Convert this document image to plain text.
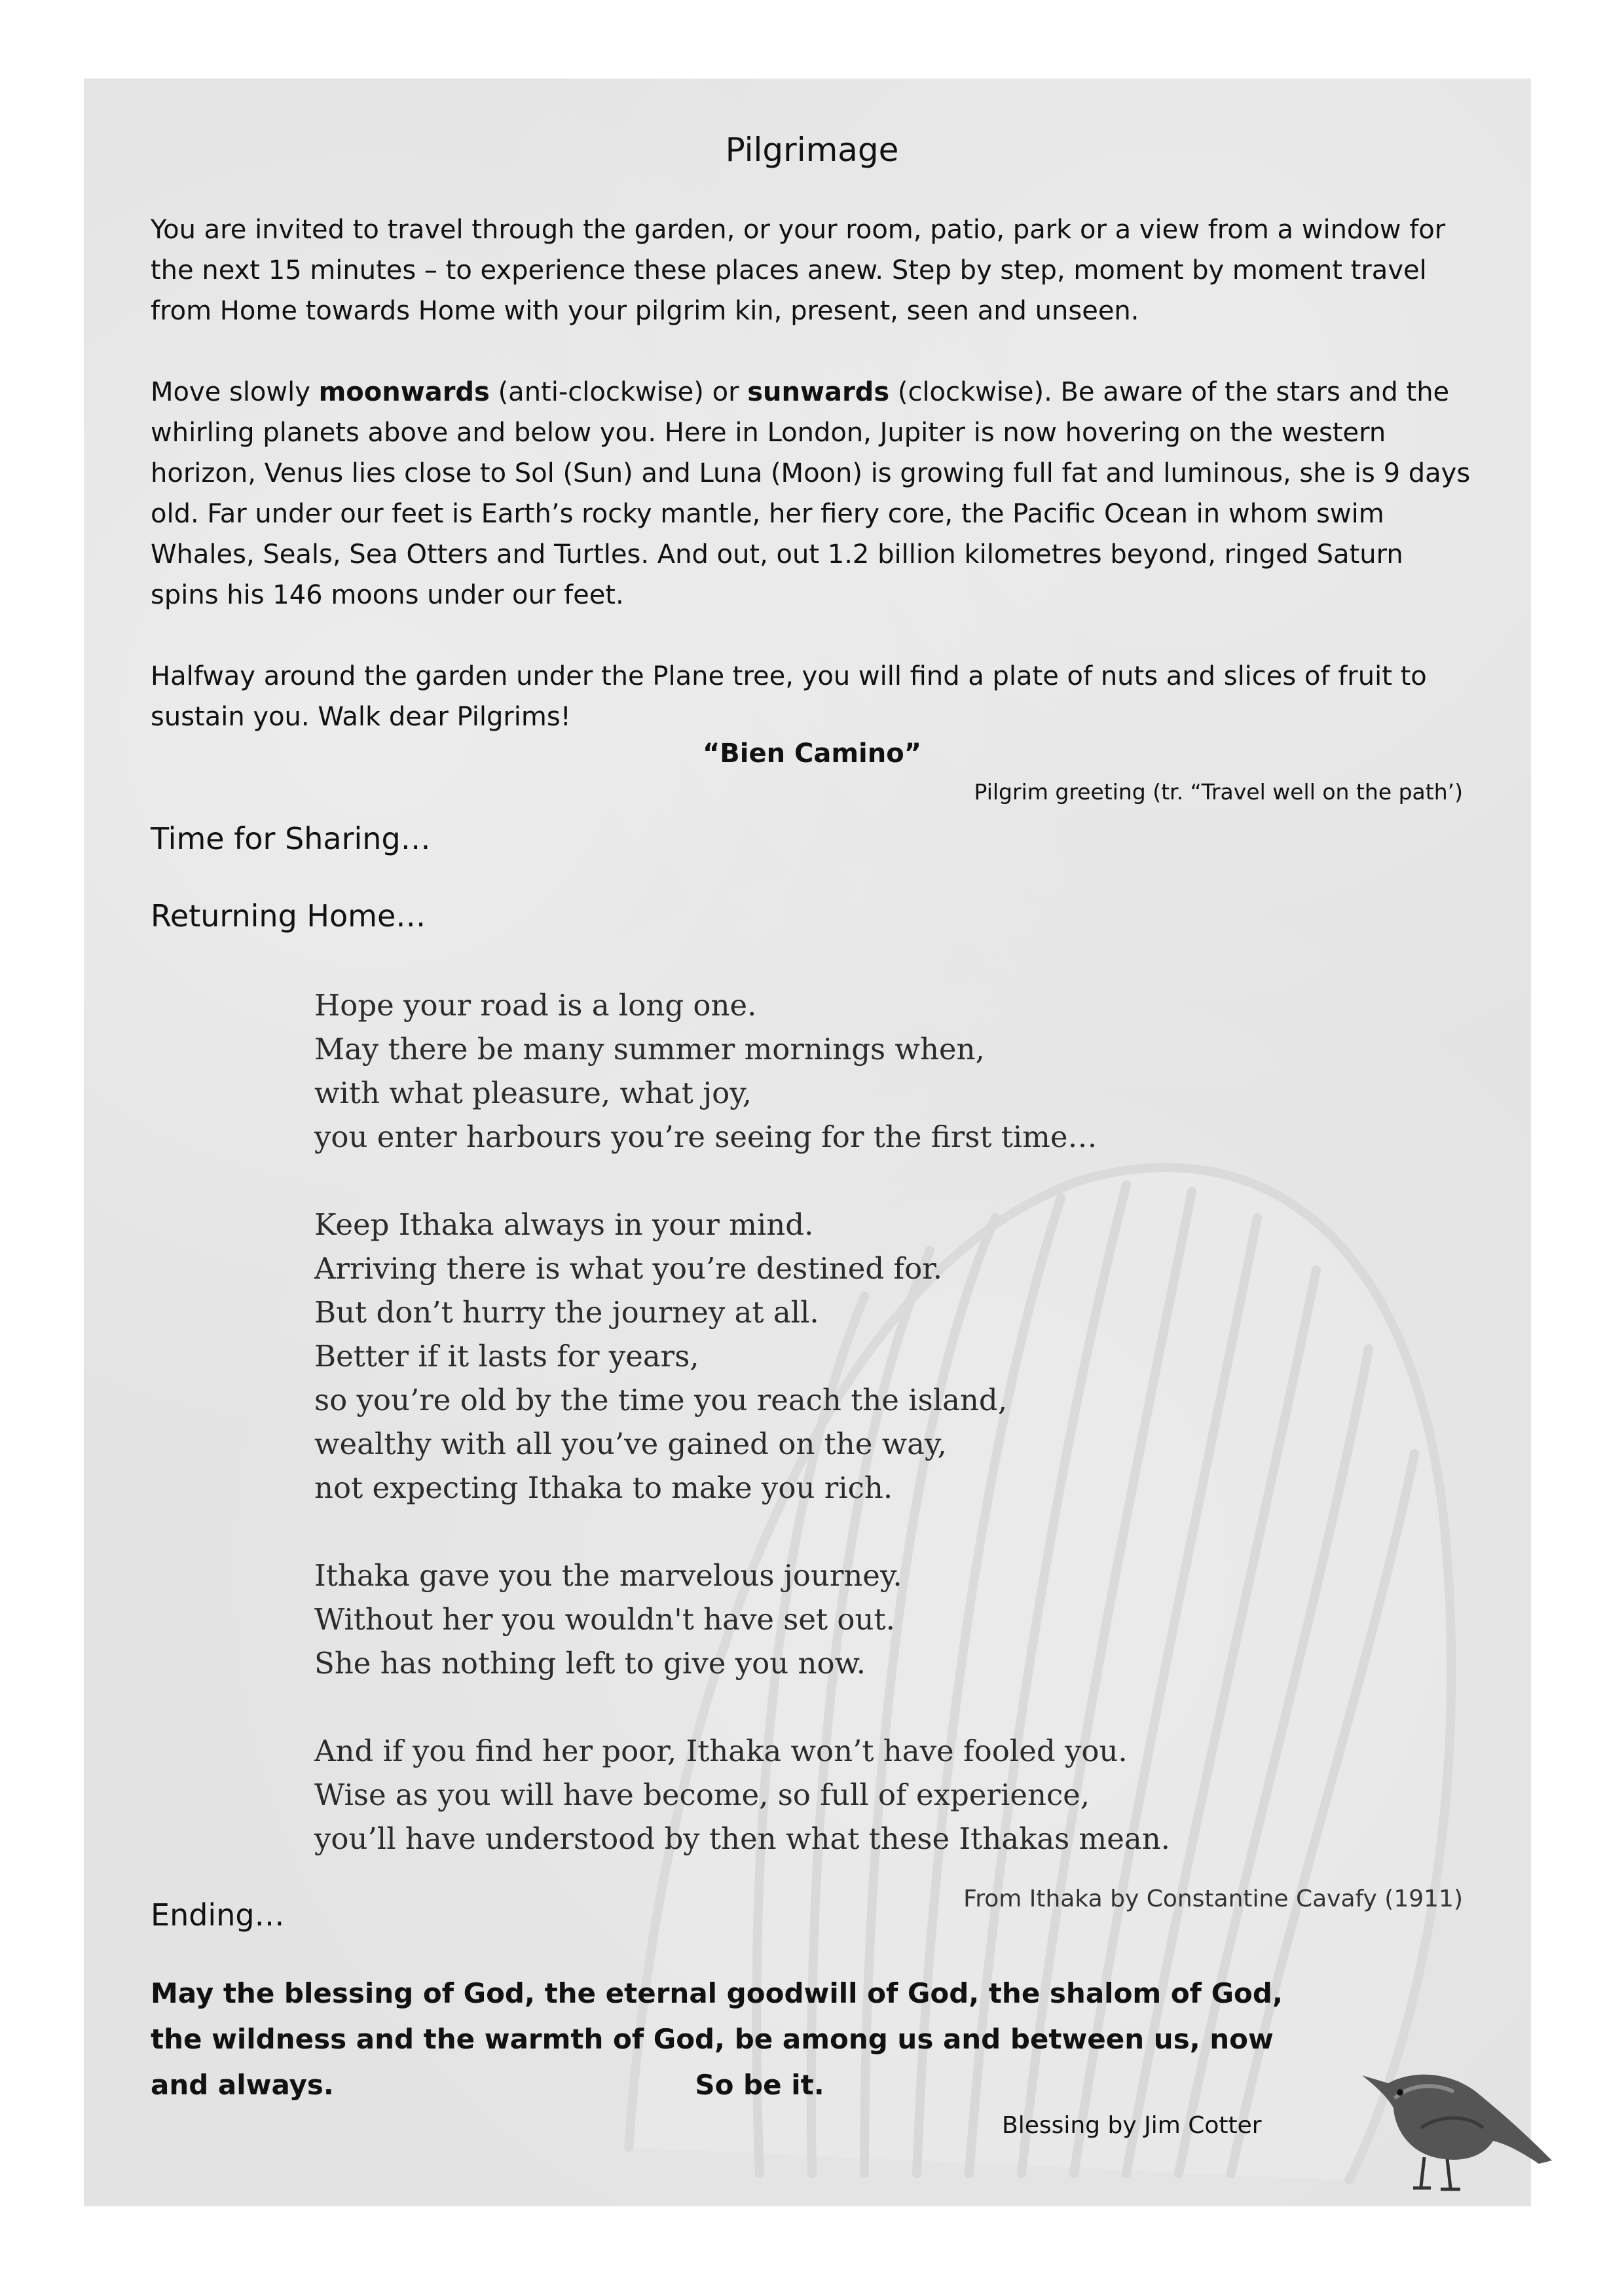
Pilgrimage
You are invited to travel through the garden, or your room, patio, park or a view from a window for the next 15 minutes – to experience these places anew. Step by step, moment by moment travel from Home towards Home with your pilgrim kin, present, seen and unseen.
Move slowly moonwards (anti-clockwise) or sunwards (clockwise). Be aware of the stars and the whirling planets above and below you. Here in London, Jupiter is now hovering on the western horizon, Venus lies close to Sol (Sun) and Luna (Moon) is growing full fat and luminous, she is 9 days old. Far under our feet is Earth’s rocky mantle, her fiery core, the Pacific Ocean in whom swim Whales, Seals, Sea Otters and Turtles. And out, out 1.2 billion kilometres beyond, ringed Saturn spins his 146 moons under our feet.
Halfway around the garden under the Plane tree, you will find a plate of nuts and slices of fruit to sustain you. Walk dear Pilgrims!
“Bien Camino”
Pilgrim greeting (tr. “Travel well on the path’)
Time for Sharing…
Returning Home…
Hope your road is a long one.
May there be many summer mornings when,
with what pleasure, what joy,
you enter harbours you’re seeing for the first time…
Keep Ithaka always in your mind.
Arriving there is what you’re destined for.
But don’t hurry the journey at all.
Better if it lasts for years,
so you’re old by the time you reach the island,
wealthy with all you’ve gained on the way,
not expecting Ithaka to make you rich.
Ithaka gave you the marvelous journey.
Without her you wouldn't have set out.
She has nothing left to give you now.
And if you find her poor, Ithaka won’t have fooled you.
Wise as you will have become, so full of experience,
you’ll have understood by then what these Ithakas mean.
From Ithaka by Constantine Cavafy (1911)
Ending…
May the blessing of God, the eternal goodwill of God, the shalom of God, the wildness and the warmth of God, be among us and between us, now and always.	So be it.
Blessing by Jim Cotter
